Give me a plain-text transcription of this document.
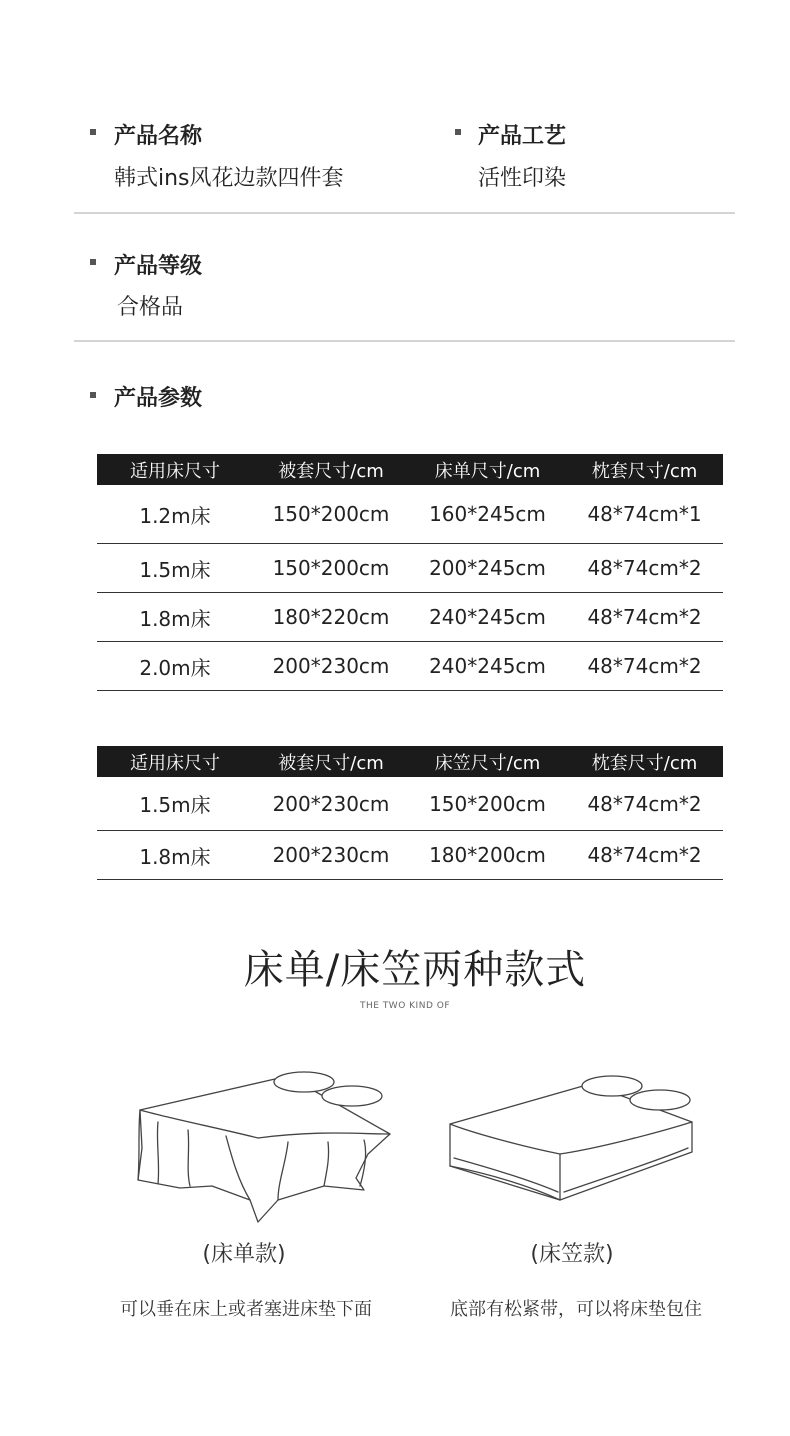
产品名称
韩式ins风花边款四件套
产品工艺
活性印染
产品等级
合格品
产品参数
适用床尺寸	被套尺寸/cm	床单尺寸/cm	枕套尺寸/cm
1.2m床	150*200cm	160*245cm	48*74cm*1
1.5m床	150*200cm	200*245cm	48*74cm*2
1.8m床	180*220cm	240*245cm	48*74cm*2
2.0m床	200*230cm	240*245cm	48*74cm*2
适用床尺寸	被套尺寸/cm	床笠尺寸/cm	枕套尺寸/cm
1.5m床	200*230cm	150*200cm	48*74cm*2
1.8m床	200*230cm	180*200cm	48*74cm*2
床单/床笠两种款式
THE TWO KIND OF
(床单款)	(床笠款)
可以垂在床上或者塞进床垫下面	底部有松紧带，可以将床垫包住
